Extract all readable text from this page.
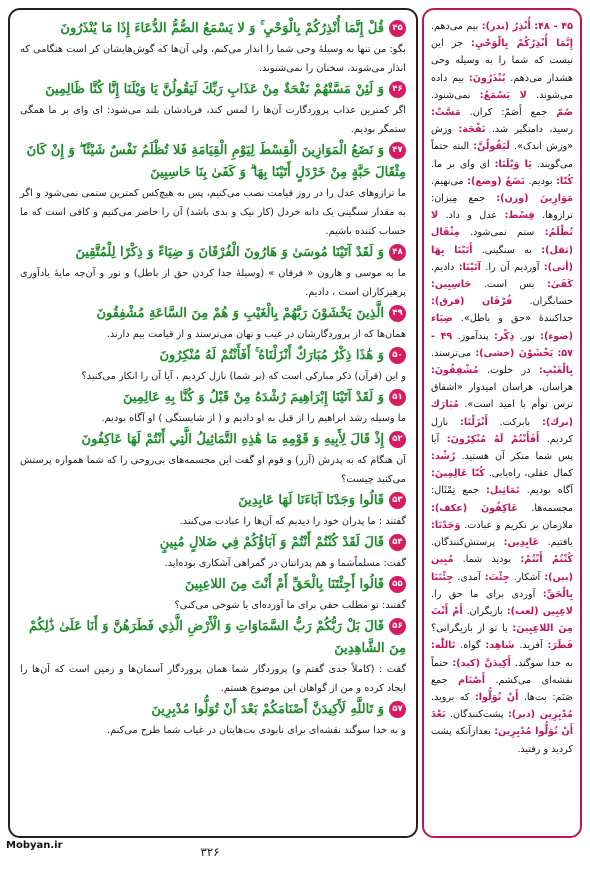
۴۵قُلْ إِنَّمَا أُنْذِرُكُمْ بِالْوَحْيِ ۚ وَ لا يَسْمَعُ الصُّمُّ الدُّعَاءَ إِذَا مَا يُنْذَرُونَ
بگو: من تنها به وسیلهٔ وحی شما را انذار می‌کنم، ولی آن‌ها که گوش‌هایشان کر است هنگامی که انذار می‌شوند، سخنان را نمی‌شنوند.
۴۶وَ لَئِنْ مَسَّتْهُمْ نَفْحَةٌ مِنْ عَذَابِ رَبِّكَ لَيَقُولُنَّ يَا وَيْلَنَا إِنَّا كُنَّا ظَالِمِينَ
اگر کمترین عذاب پروردگارت آن‌ها را لمس کند، فریادشان بلند می‌شود: ای وای بر ما همگی ستمگر بودیم.
۴۷وَ نَضَعُ الْمَوَازِينَ الْقِسْطَ لِيَوْمِ الْقِيَامَةِ فَلا تُظْلَمُ نَفْسٌ شَيْئًا ۖ وَ إِنْ كَانَ مِثْقَالَ حَبَّةٍ مِنْ خَرْدَلٍ أَتَيْنَا بِهَا ۗ وَ كَفَىٰ بِنَا حَاسِبِينَ
ما ترازوهای عدل را در روز قیامت نصب می‌کنیم، پس به هیچ‌کس کمترین ستمی نمی‌شود و اگر به مقدار سنگینی یک دانه خردل (کار نیک و بدی باشد) آن را حاضر می‌کنیم و کافی است که ما حساب کننده باشیم.
۴۸وَ لَقَدْ آتَيْنَا مُوسَىٰ وَ هَارُونَ الْفُرْقَانَ وَ ضِيَاءً وَ ذِكْرًا لِلْمُتَّقِينَ
ما به موسی و هارون « فرقان » (وسیلهٔ جدا کردن حق از باطل) و نور و آن‌چه مایهٔ یادآوری پرهیزکاران است ، دادیم.
۴۹الَّذِينَ يَخْشَوْنَ رَبَّهُمْ بِالْغَيْبِ وَ هُمْ مِنَ السَّاعَةِ مُشْفِقُونَ
همان‌ها که از پروردگارشان در غیب و نهان می‌ترسند و از قیامت بیم دارند.
۵۰وَ هَٰذَا ذِكْرٌ مُبَارَكٌ أَنْزَلْنَاهُ ۚ أَفَأَنْتُمْ لَهُ مُنْكِرُونَ
و این (قرآن) ذکر مبارکی است که (بر شما) نازل کردیم ، آیا آن را انکار می‌کنید؟
۵۱وَ لَقَدْ آتَيْنَا إِبْرَاهِيمَ رُشْدَهُ مِنْ قَبْلُ وَ كُنَّا بِهِ عَالِمِينَ
ما وسیله رشد ابراهیم را از قبل به او دادیم و ( از شایستگی ) او آگاه بودیم.
۵۲إِذْ قَالَ لِأَبِيهِ وَ قَوْمِهِ مَا هَٰذِهِ التَّمَاثِيلُ الَّتِي أَنْتُمْ لَهَا عَاكِفُونَ
آن هنگام که به پدرش (آزر) و قوم او گفت این مجسمه‌های بی‌روحی را که شما همواره پرستش می‌کنید چیست؟
۵۳قَالُوا وَجَدْنَا آبَاءَنَا لَهَا عَابِدِينَ
گفتند : ما پدران خود را دیدیم که آن‌ها را عبادت می‌کنند.
۵۴قَالَ لَقَدْ كُنْتُمْ أَنْتُمْ وَ آبَاؤُكُمْ فِي ضَلالٍ مُبِينٍ
گفت: مسلماً‌شما و هم پدرانتان در گمراهی آشکاری بوده‌اید.
۵۵قَالُوا أَجِئْتَنَا بِالْحَقِّ أَمْ أَنْتَ مِنَ اللاعِبِينَ
گفتند: تو مطلب حقی برای ما آورده‌ای یا شوخی می‌کنی؟
۵۶قَالَ بَلْ رَبُّكُمْ رَبُّ السَّمَاوَاتِ وَ الْأَرْضِ الَّذِي فَطَرَهُنَّ وَ أَنَا عَلَىٰ ذَٰلِكُمْ مِنَ الشَّاهِدِينَ
گفت : (کاملاً جدی گفتم و) پروردگار شما همان پروردگار آسمان‌ها و زمین است که آن‌ها را ایجاد کرده و من از گواهان این موضوع هستم.
۵۷وَ تَاللَّهِ لَأَكِيدَنَّ أَصْنَامَكُمْ بَعْدَ أَنْ تُوَلُّوا مُدْبِرِينَ
و به خدا سوگند نقشه‌ای برای نابودی بت‌هایتان در غیاب شما طرح می‌کنم.

۴۵ - ۴۸: أُنْذِرُ (نذر): بیم می‌دهم. إِنَّمَا أُنْذِرُكُمْ بِالْوَحْيِ: جز این نیست که شما را به وسیله وحی هشدار می‌دهم. يُنْذَرُونَ: بیم داده می‌شوند. لا يَسْمَعُ: نمی‌شنود. صُمّ جمع أَصَمّ: کران. مَسَّتْ: رسید، دامنگیر شد. نَفْحَة: وزش «وزش اندک». لَيَقُولُنَّ: البته حتماً می‌گویند. يَا وَيْلَنَا: ای وای بر ما. كُنّا: بودیم. نَضَعُ (وضع): می‌نهیم. مَوَازِينَ (وزن): جمع مِيزان: ترازوها. قِسْط: عدل و داد. لا تُظْلَمُ: ستم نمی‌شود. مِثْقَال (ثقل): به سنگینی. أَتَيْنَا بِهَا (أتى): آوردیم آن را. آتَيْنَا: دادیم. كَفَىٰ: بس است. حَاسِبِين: حسابگران. فُرْقَان (فرق): جداکنندهٔ «حق و باطل». ضِيَاء (ضوء): نور. ذِكْر: پندآموز. ۴۹ - ۵۷: يَخْشَوْنَ (خشی): می‌ترسند. بِالْغَيْبِ: در خلوت. مُشْفِقُونَ: هراسان، هراسان امیدوار «اشفاق ترس توأم با امید است». مُبَارَك (برك): بابرکت. أَنْزَلْنَا: نازل کردیم. أَفَأَنْتُمْ لَهُ مُنْكِرُونَ: آیا پس شما منکر آن هستید. رُشْد: کمال عقلی، راه‌یابی. كُنّا عَالِمِينَ: آگاه بودیم. تَمَاثِيل: جمع تِمْثَال: مجسمه‌ها. عَاكِفُونَ (عکف): ملازمان بر تکریم و عبادت. وَجَدْنَا: یافتیم. عَابِدِين: پرستش‌کنندگان. كُنْتُمْ أَنْتُمْ: بودید شما. مُبِين (بين): آشکار. جِئْتَ: آمدی. جِئْتَنَا بِالْحَقِّ: آوردی برای ما حق را. لاعِبِين (لعب): بازیگران. أَمْ أَنْتَ مِنَ اللاعِبِينَ: یا تو از بازیگرانی؟ فَطَرَ: آفرید. شَاهِد: گواه. تَاللّٰه: به خدا سوگند. أَكِيدَنَّ (كيد): حتماً نقشه‌ای می‌کشم. أَصْنَام جمع صَنَم: بت‌ها. أَنْ تُوَلُّوا: که بروید. مُدْبِرِين (دبر): پشت‌کنندگان. بَعْدَ أَنْ تُوَلُّوا مُدْبِرِين: بعدازآنکه پشت کردید و رفتید.

Mobyan.ir	۳۲۶
